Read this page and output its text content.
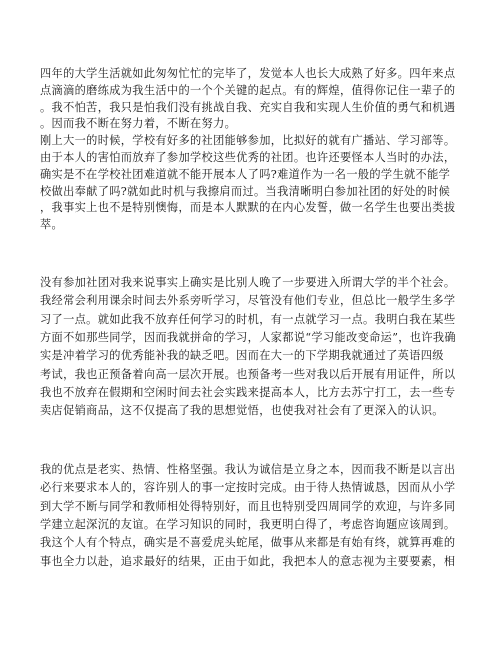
四年的大学生活就如此匆匆忙忙的完毕了，发觉本人也长大成熟了好多。四年来点
点滴滴的磨练成为我生活中的一个个关键的起点。有的辉煌，值得你记住一辈子的
。我不怕苦，我只是怕我们没有挑战自我、充实自我和实现人生价值的勇气和机遇
。因而我不断在努力着，不断在努力。
刚上大一的时候，学校有好多的社团能够参加，比拟好的就有广播站、学习部等。
由于本人的害怕而放弃了参加学校这些优秀的社团。也许还要怪本人当时的办法，
确实是不在学校社团难道就不能开展本人了吗?难道作为一名一般的学生就不能学
校做出奉献了吗?就如此时机与我擦肩而过。当我清晰明白参加社团的好处的时候
，我事实上也不是特别懊悔，而是本人默默的在内心发誓，做一名学生也要出类拔
萃。
没有参加社团对我来说事实上确实是比别人晚了一步要进入所谓大学的半个社会。
我经常会利用课余时间去外系旁听学习，尽管没有他们专业，但总比一般学生多学
习了一点。就如此我不放弃任何学习的时机，有一点就学习一点。我明白我在某些
方面不如那些同学，因而我就拼命的学习，人家都说“学习能改变命运”，也许我确
实是冲着学习的优秀能补我的缺乏吧。因而在大一的下学期我就通过了英语四级
考试，我也正预备着向高一层次开展。也预备考一些对我以后开展有用证件，所以
我也不放弃在假期和空闲时间去社会实践来提高本人，比方去苏宁打工，去一些专
卖店促销商品，这不仅提高了我的思想觉悟，也使我对社会有了更深入的认识。
我的优点是老实、热情、性格坚强。我认为诚信是立身之本，因而我不断是以言出
必行来要求本人的，容许别人的事一定按时完成。由于待人热情诚恳，因而从小学
到大学不断与同学和教师相处得特别好，而且也特别受四周同学的欢迎，与许多同
学建立起深沉的友谊。在学习知识的同时，我更明白得了，考虑咨询题应该周到。
我这个人有个特点，确实是不喜爱虎头蛇尾，做事从来都是有始有终，就算再难的
事也全力以赴，追求最好的结果，正由于如此，我把本人的意志视为主要要素，相
